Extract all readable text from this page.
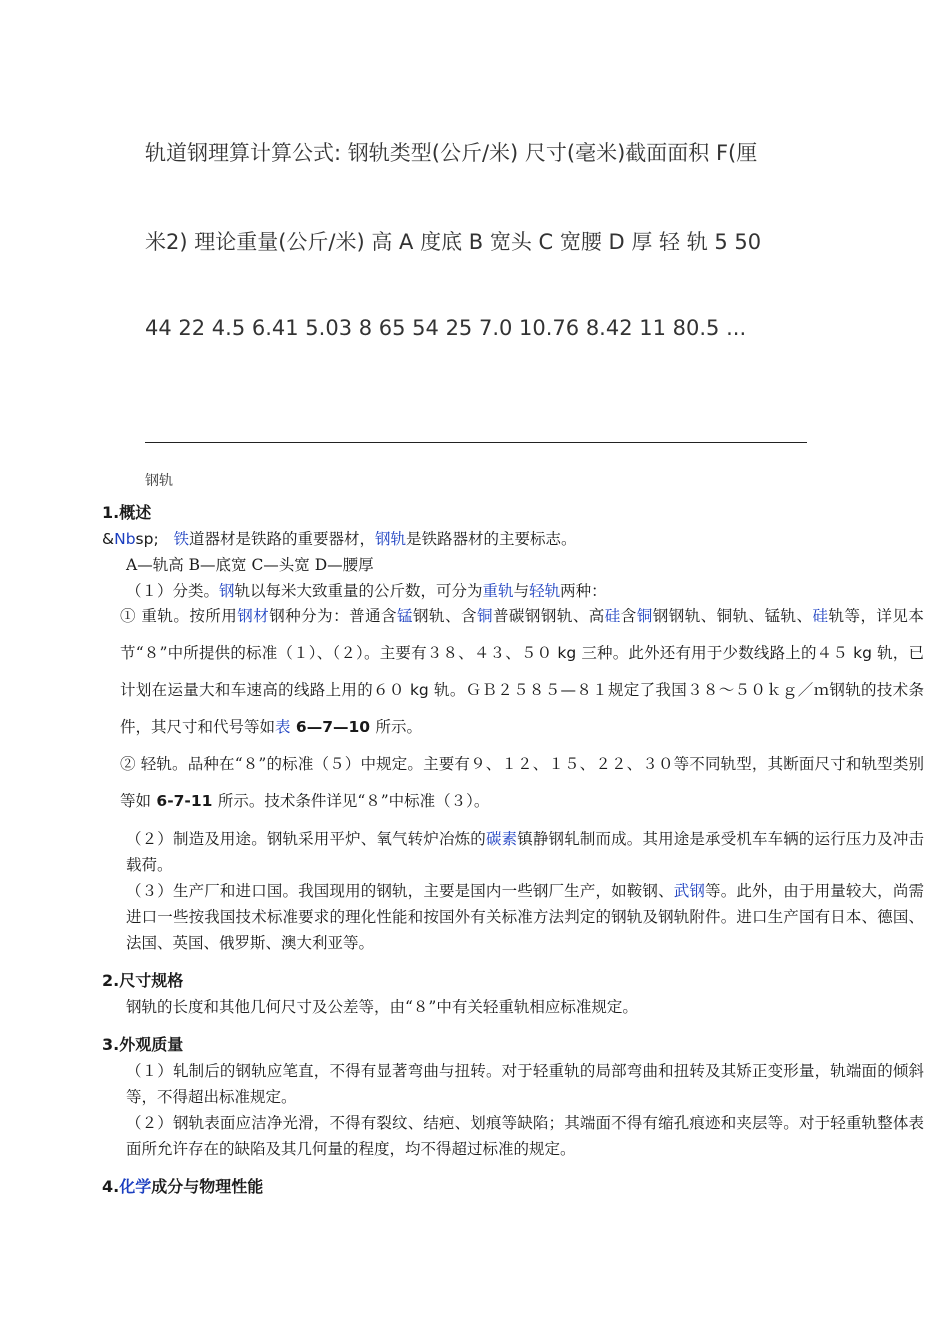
轨道钢理算计算公式: 钢轨类型(公斤/米) 尺寸(毫米)截面面积 F(厘
米2) 理论重量(公斤/米) 高 A 度底 B 宽头 C 宽腰 D 厚 轻 轨 5 50
44 22 4.5 6.41 5.03 8 65 54 25 7.0 10.76 8.42 11 80.5 ...
钢轨

1.概述

&Nbsp; 铁道器材是铁路的重要器材，钢轨是铁路器材的主要标志。

A—轨高 B—底宽 C—头宽 D—腰厚

（１）分类。钢轨以每米大致重量的公斤数，可分为重轨与轻轨两种：

① 重轨。按所用钢材钢种分为：普通含锰钢轨、含铜普碳钢钢轨、高硅含铜钢钢轨、铜轨、锰轨、硅轨等，详见本节“８”中所提供的标准（１）、（２）。主要有３８、４３、５０ kg 三种。此外还有用于少数线路上的４５ kg 轨，已计划在运量大和车速高的线路上用的６０ kg 轨。ＧＢ２５８５—８１规定了我国３８～５０ｋｇ／ｍ钢轨的技术条件，其尺寸和代号等如表 6—7—10 所示。

② 轻轨。品种在“８”的标准（５）中规定。主要有９、１２、１５、２２、３０等不同轨型，其断面尺寸和轨型类别等如 6-7-11 所示。技术条件详见“８”中标准（３）。

（２）制造及用途。钢轨采用平炉、氧气转炉冶炼的碳素镇静钢轧制而成。其用途是承受机车车辆的运行压力及冲击载荷。

（３）生产厂和进口国。我国现用的钢轨，主要是国内一些钢厂生产，如鞍钢、武钢等。此外，由于用量较大，尚需进口一些按我国技术标准要求的理化性能和按国外有关标准方法判定的钢轨及钢轨附件。进口生产国有日本、德国、法国、英国、俄罗斯、澳大利亚等。

2.尺寸规格

钢轨的长度和其他几何尺寸及公差等，由“８”中有关轻重轨相应标准规定。

3.外观质量

（１）轧制后的钢轨应笔直，不得有显著弯曲与扭转。对于轻重轨的局部弯曲和扭转及其矫正变形量，轨端面的倾斜等，不得超出标准规定。

（２）钢轨表面应洁净光滑，不得有裂纹、结疤、划痕等缺陷；其端面不得有缩孔痕迹和夹层等。对于轻重轨整体表面所允许存在的缺陷及其几何量的程度，均不得超过标准的规定。

4.化学成分与物理性能
